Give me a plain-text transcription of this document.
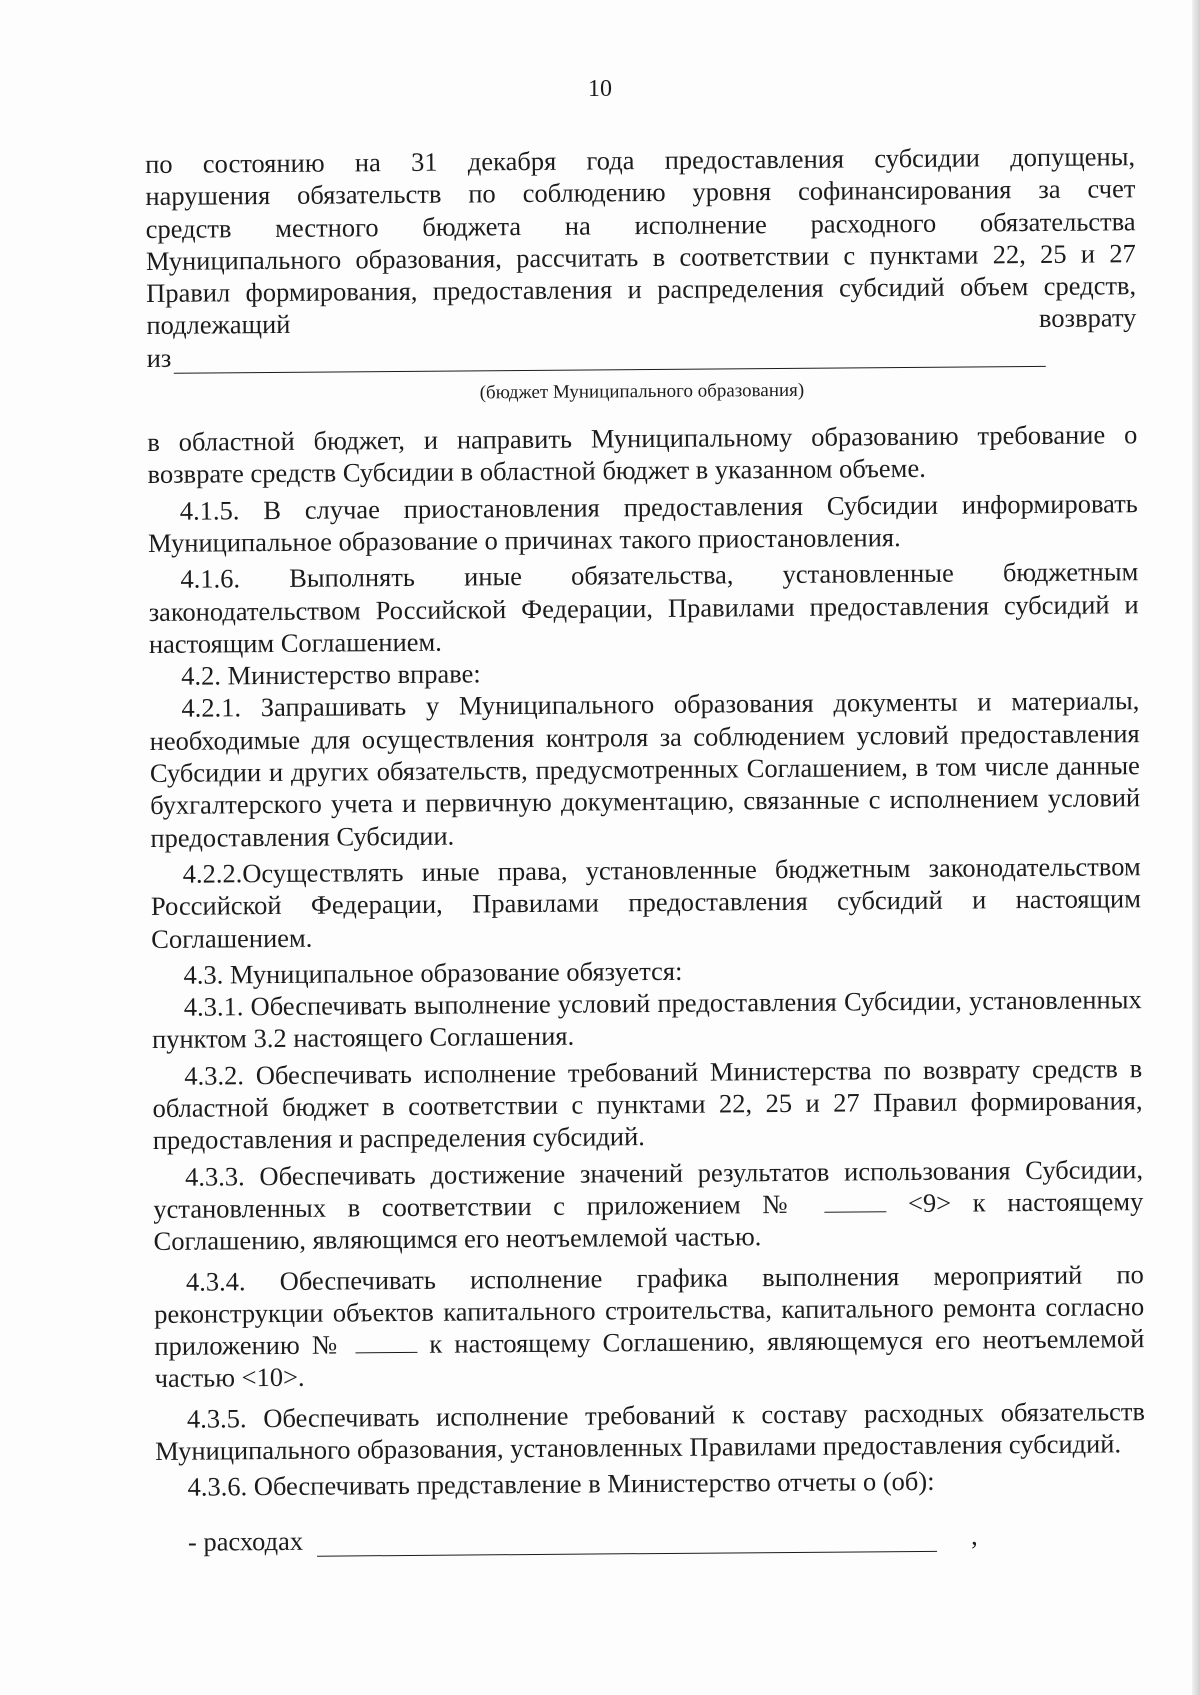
10

по состоянию на 31 декабря года предоставления субсидии допущены,

нарушения обязательств по соблюдению уровня софинансирования за счет

средств местного бюджета на исполнение расходного обязательства

Муниципального образования, рассчитать в соответствии с пунктами 22, 25 и 27

Правил формирования, предоставления и распределения субсидий объем средств,

подлежащий	возврату
из

(бюджет Муниципального образования)

в областной бюджет, и направить Муниципальному образованию требование о возврате средств Субсидии в областной бюджет в указанном объеме.

4.1.5. В случае приостановления предоставления Субсидии информировать Муниципальное образование о причинах такого приостановления.

4.1.6. Выполнять иные обязательства, установленные бюджетным законодательством Российской Федерации, Правилами предоставления субсидий и настоящим Соглашением.

4.2. Министерство вправе:

4.2.1. Запрашивать у Муниципального образования документы и материалы, необходимые для осуществления контроля за соблюдением условий предоставления Субсидии и других обязательств, предусмотренных Соглашением, в том числе данные бухгалтерского учета и первичную документацию, связанные с исполнением условий предоставления Субсидии.

4.2.2.Осуществлять иные права, установленные бюджетным законодательством Российской Федерации, Правилами предоставления субсидий и настоящим Соглашением.

4.3. Муниципальное образование обязуется:

4.3.1. Обеспечивать выполнение условий предоставления Субсидии, установленных пунктом 3.2 настоящего Соглашения.

4.3.2. Обеспечивать исполнение требований Министерства по возврату средств в областной бюджет в соответствии с пунктами 22, 25 и 27 Правил формирования, предоставления и распределения субсидий.

4.3.3. Обеспечивать достижение значений результатов использования Субсидии, установленных в соответствии с приложением №	<9> к настоящему Соглашению, являющимся его неотъемлемой частью.

4.3.4. Обеспечивать исполнение графика выполнения мероприятий по реконструкции объектов капитального строительства, капитального ремонта согласно приложению №	к настоящему Соглашению, являющемуся его неотъемлемой частью <10>.

4.3.5. Обеспечивать исполнение требований к составу расходных обязательств Муниципального образования, установленных Правилами предоставления субсидий.

4.3.6. Обеспечивать представление в Министерство отчеты о (об):

- расходах	,
